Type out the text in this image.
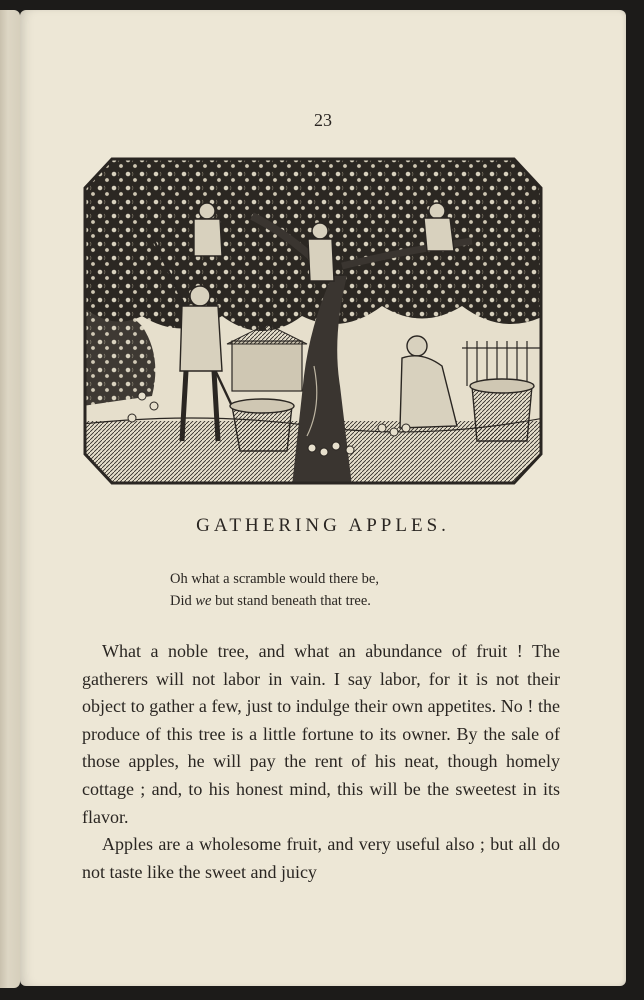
23
GATHERING APPLES.
Oh what a scramble would there be,
Did we but stand beneath that tree.

What a noble tree, and what an abundance of fruit ! The gatherers will not labor in vain. I say labor, for it is not their object to gather a few, just to indulge their own appetites. No ! the produce of this tree is a little fortune to its owner. By the sale of those apples, he will pay the rent of his neat, though homely cottage ; and, to his honest mind, this will be the sweetest in its flavor.

Apples are a wholesome fruit, and very useful also ; but all do not taste like the sweet and juicy
